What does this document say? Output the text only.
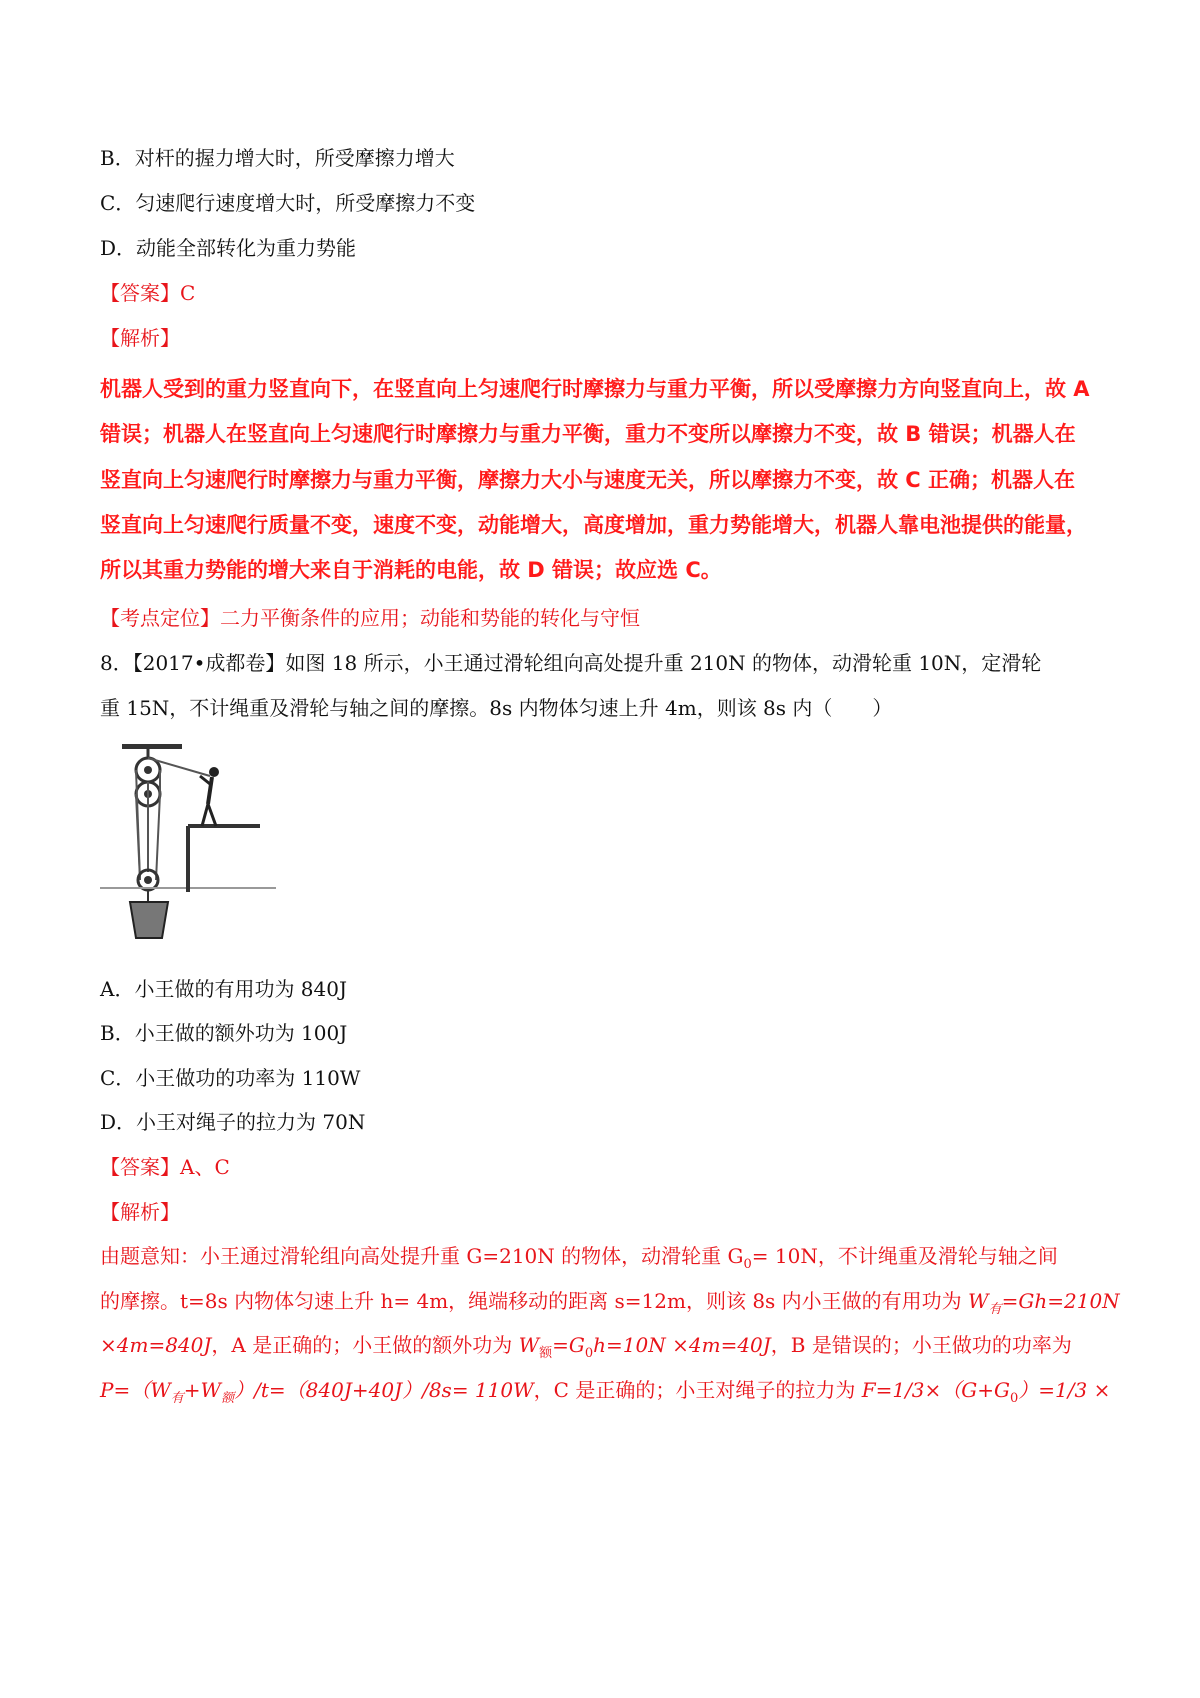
B．对杆的握力增大时，所受摩擦力增大
C．匀速爬行速度增大时，所受摩擦力不变
D．动能全部转化为重力势能
【答案】C
【解析】
机器人受到的重力竖直向下，在竖直向上匀速爬行时摩擦力与重力平衡，所以受摩擦力方向竖直向上，故 A
错误；机器人在竖直向上匀速爬行时摩擦力与重力平衡，重力不变所以摩擦力不变，故 B 错误；机器人在
竖直向上匀速爬行时摩擦力与重力平衡，摩擦力大小与速度无关，所以摩擦力不变，故 C 正确；机器人在
竖直向上匀速爬行质量不变，速度不变，动能增大，高度增加，重力势能增大，机器人靠电池提供的能量，
所以其重力势能的增大来自于消耗的电能，故 D 错误；故应选 C。
【考点定位】二力平衡条件的应用；动能和势能的转化与守恒
8．【2017•成都卷】如图 18 所示，小王通过滑轮组向高处提升重 210N 的物体，动滑轮重 10N，定滑轮
重 15N，不计绳重及滑轮与轴之间的摩擦。8s 内物体匀速上升 4m，则该 8s 内（　　）
A．小王做的有用功为 840J
B．小王做的额外功为 100J
C．小王做功的功率为 110W
D．小王对绳子的拉力为 70N
【答案】A、C
【解析】
由题意知：小王通过滑轮组向高处提升重 G=210N 的物体，动滑轮重 $G_0= 10N$，不计绳重及滑轮与轴之间
的摩擦。t=8s 内物体匀速上升 h= 4m，绳端移动的距离 s=12m，则该 8s 内小王做的有用功为 $W_有=Gh=210N$
×4m=840J，A 是正确的；小王做的额外功为 $W_额=G_0h=10N \times 4m=40J$，B 是错误的；小王做功的功率为
$P=(W_有+W_额)/t=(840J+40J)/8s= 110W$，C 是正确的；小王对绳子的拉力为 $F=1/3\times(G+G_0)=1/3$ ×
